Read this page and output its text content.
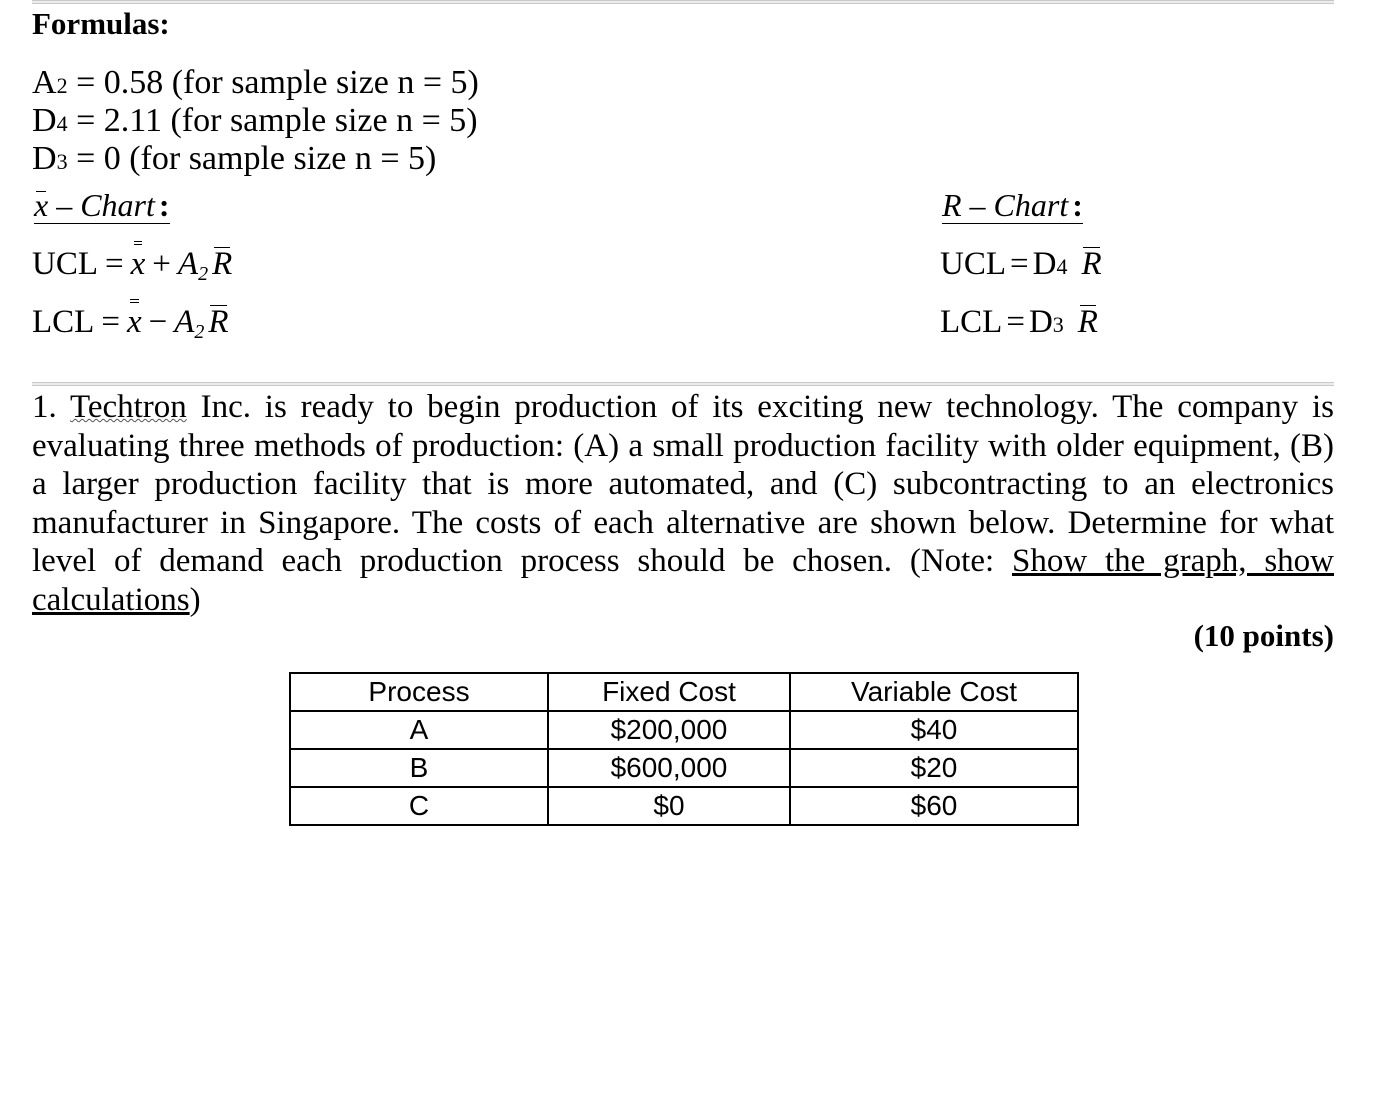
Formulas:
A2 = 0.58 (for sample size n = 5)
D4 = 2.11 (for sample size n = 5)
D3 = 0 (for sample size n = 5)
x – Chart :	R – Chart :
UCL = x + A2 R
LCL = x − A2 R
UCL = D4 R
LCL = D3 R
1. Techtron Inc. is ready to begin production of its exciting new technology. The company is evaluating three methods of production: (A) a small production facility with older equipment, (B) a larger production facility that is more automated, and (C) subcontracting to an electronics manufacturer in Singapore. The costs of each alternative are shown below. Determine for what level of demand each production process should be chosen. (Note: Show the graph, show calculations)
(10 points)
Process	Fixed Cost	Variable Cost
A	$200,000	$40
B	$600,000	$20
C	$0	$60
